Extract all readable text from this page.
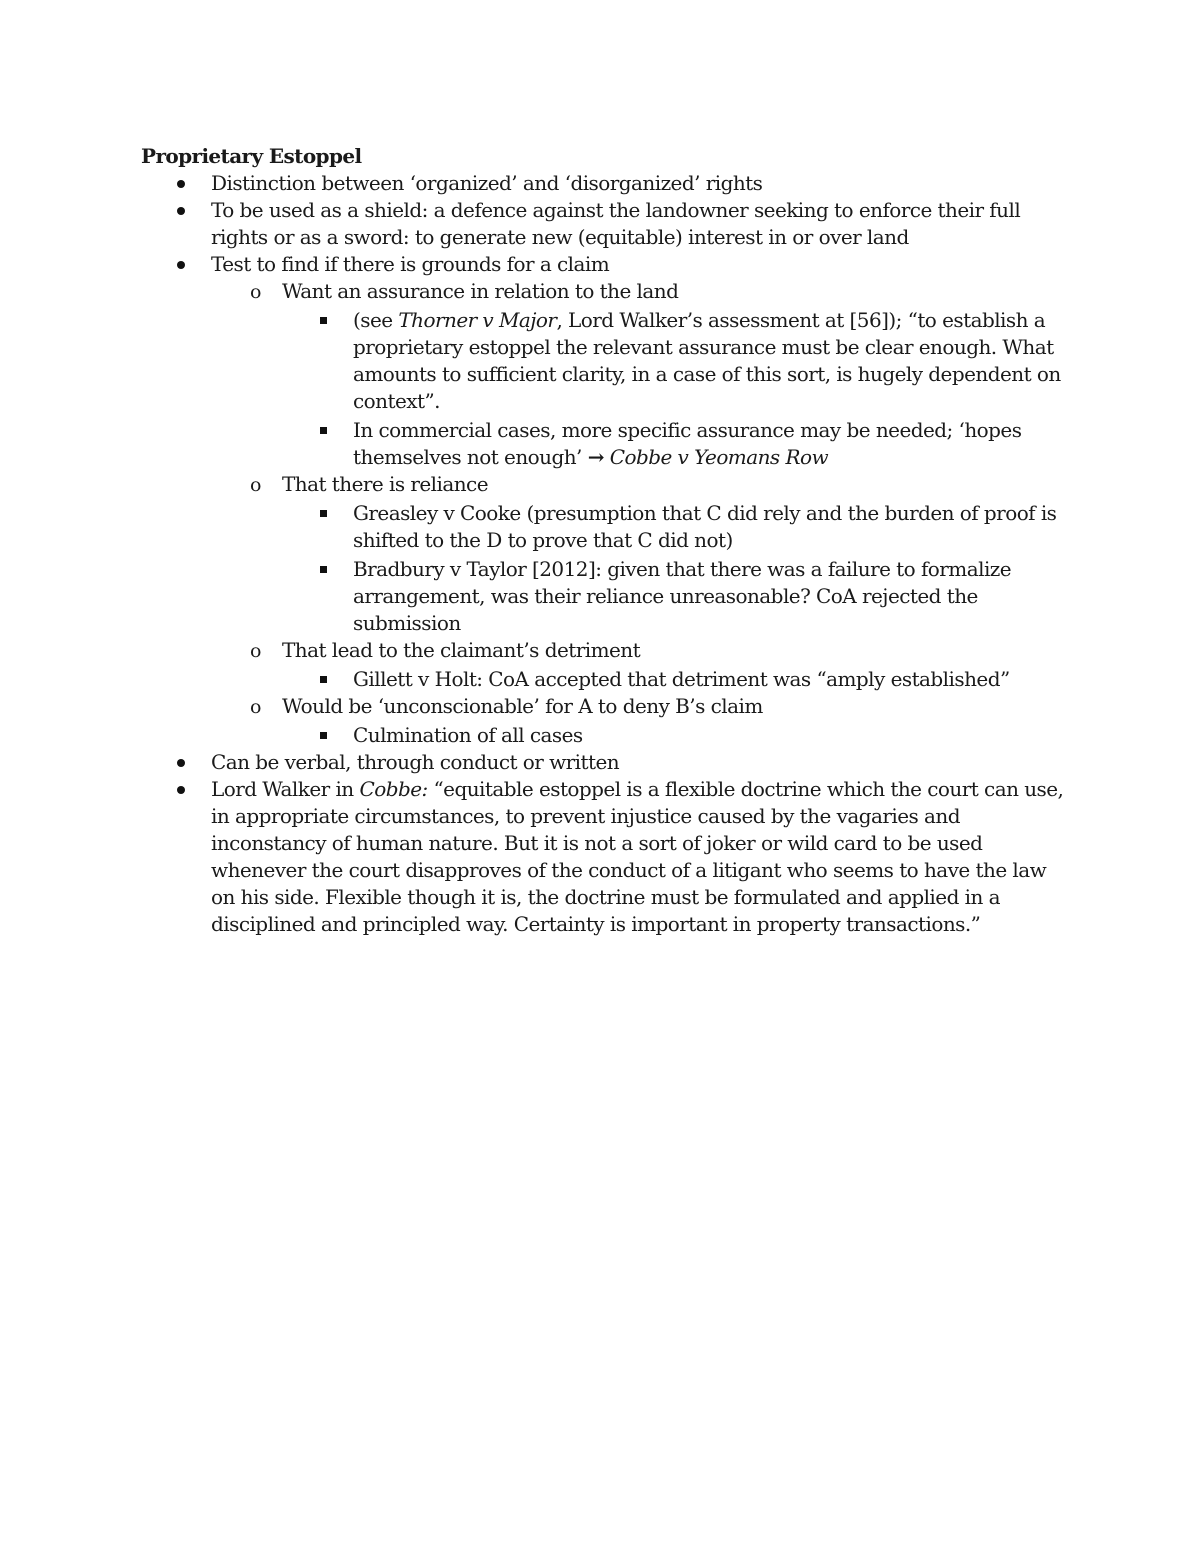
Proprietary Estoppel
Distinction between ‘organized’ and ‘disorganized’ rights
To be used as a shield: a defence against the landowner seeking to enforce their full rights or as a sword: to generate new (equitable) interest in or over land
Test to find if there is grounds for a claim
o Want an assurance in relation to the land
(see Thorner v Major, Lord Walker’s assessment at [56]); “to establish a proprietary estoppel the relevant assurance must be clear enough. What amounts to sufficient clarity, in a case of this sort, is hugely dependent on context”.
In commercial cases, more specific assurance may be needed; ‘hopes themselves not enough’ → Cobbe v Yeomans Row
o That there is reliance
Greasley v Cooke (presumption that C did rely and the burden of proof is shifted to the D to prove that C did not)
Bradbury v Taylor [2012]: given that there was a failure to formalize arrangement, was their reliance unreasonable? CoA rejected the submission
o That lead to the claimant’s detriment
Gillett v Holt: CoA accepted that detriment was “amply established”
o Would be ‘unconscionable’ for A to deny B’s claim
Culmination of all cases
Can be verbal, through conduct or written
Lord Walker in Cobbe: “equitable estoppel is a flexible doctrine which the court can use, in appropriate circumstances, to prevent injustice caused by the vagaries and inconstancy of human nature. But it is not a sort of joker or wild card to be used whenever the court disapproves of the conduct of a litigant who seems to have the law on his side. Flexible though it is, the doctrine must be formulated and applied in a disciplined and principled way. Certainty is important in property transactions.”
